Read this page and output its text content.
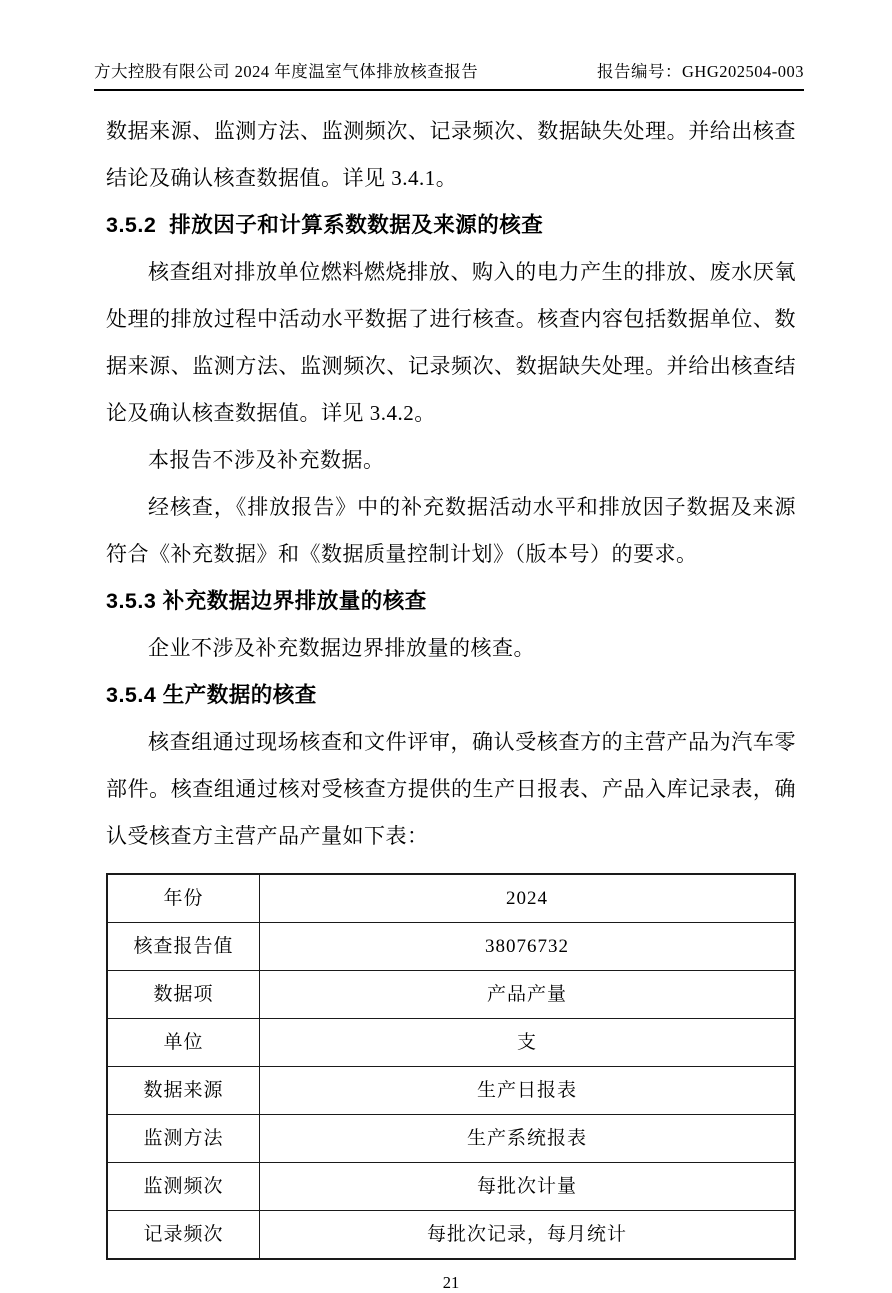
方大控股有限公司 2024 年度温室气体排放核查报告	报告编号：GHG202504-003

数据来源、监测方法、监测频次、记录频次、数据缺失处理。并给出核查结论及确认核查数据值。详见 3.4.1。

3.5.2  排放因子和计算系数数据及来源的核查

核查组对排放单位燃料燃烧排放、购入的电力产生的排放、废水厌氧处理的排放过程中活动水平数据了进行核查。核查内容包括数据单位、数据来源、监测方法、监测频次、记录频次、数据缺失处理。并给出核查结论及确认核查数据值。详见 3.4.2。

本报告不涉及补充数据。

经核查，《排放报告》中的补充数据活动水平和排放因子数据及来源符合《补充数据》和《数据质量控制计划》（版本号）的要求。

3.5.3 补充数据边界排放量的核查

企业不涉及补充数据边界排放量的核查。

3.5.4 生产数据的核查

核查组通过现场核查和文件评审，确认受核查方的主营产品为汽车零部件。核查组通过核对受核查方提供的生产日报表、产品入库记录表，确认受核查方主营产品产量如下表：

年份	2024
核查报告值	38076732
数据项	产品产量
单位	支
数据来源	生产日报表
监测方法	生产系统报表
监测频次	每批次计量
记录频次	每批次记录，每月统计
21
